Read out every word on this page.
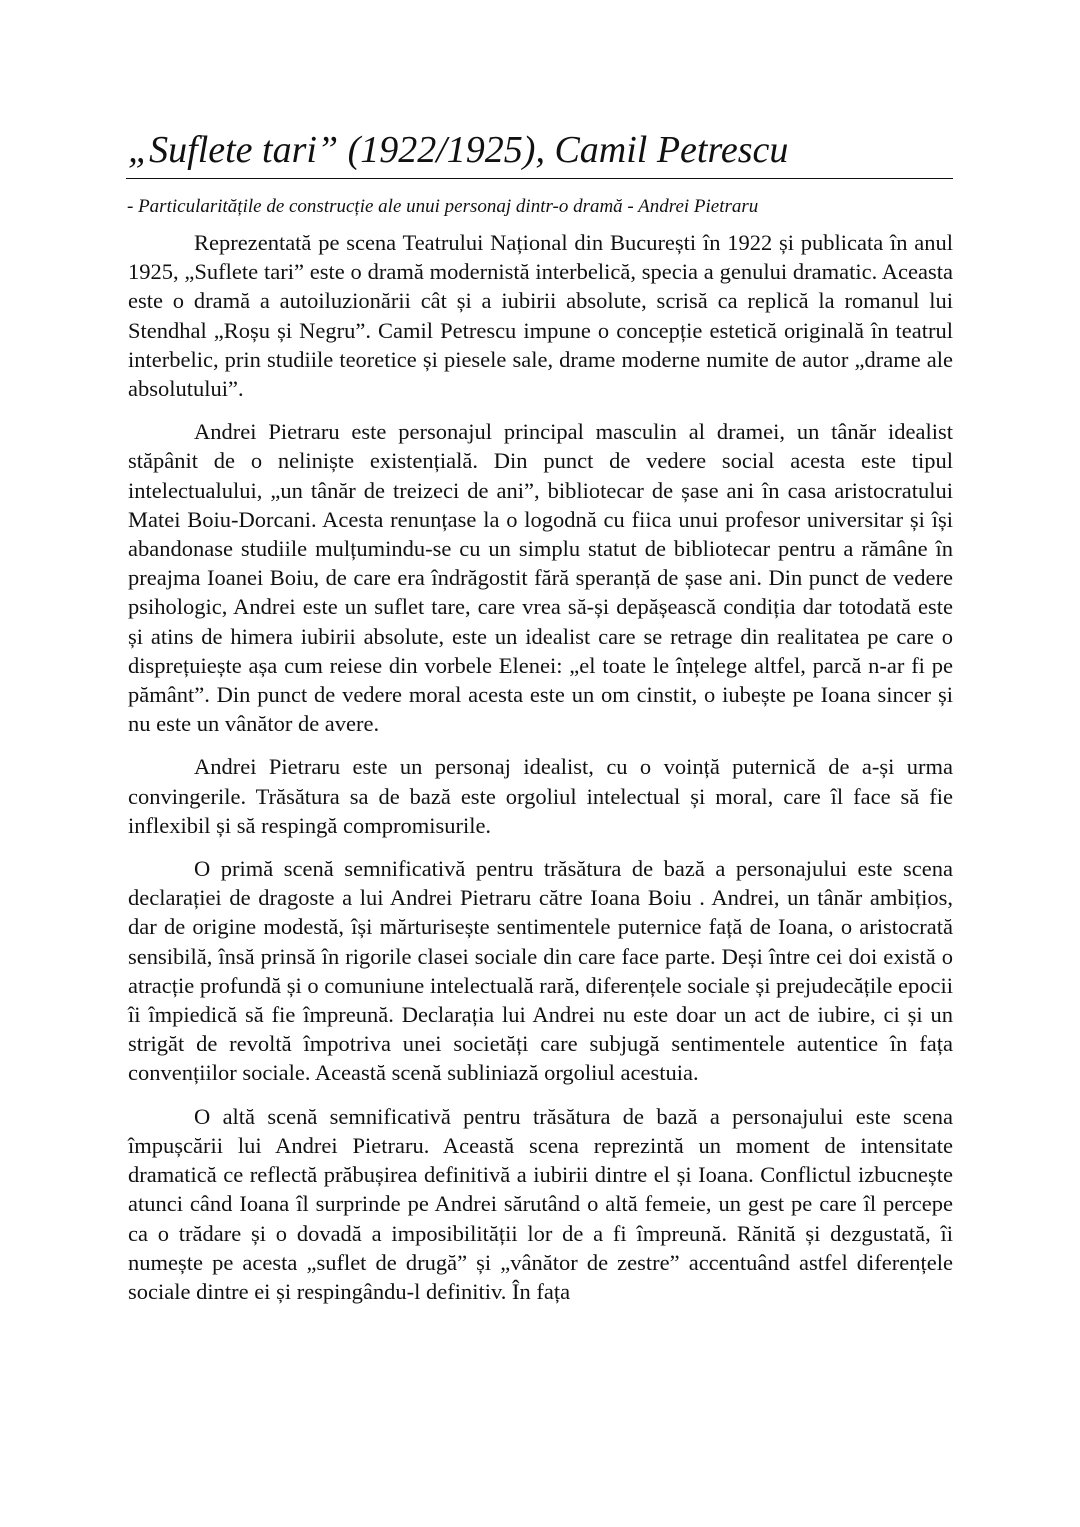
„Suflete tari” (1922/1925), Camil Petrescu
- Particularitățile de construcție ale unui personaj dintr-o dramă - Andrei Pietraru

Reprezentată pe scena Teatrului Național din București în 1922 și publicata în anul 1925, „Suflete tari” este o dramă modernistă interbelică, specia a genului dramatic. Aceasta este o dramă a autoiluzionării cât și a iubirii absolute, scrisă ca replică la romanul lui Stendhal „Roșu și Negru”. Camil Petrescu impune o concepție estetică originală în teatrul interbelic, prin studiile teoretice și piesele sale, drame moderne numite de autor „drame ale absolutului”.

Andrei Pietraru este personajul principal masculin al dramei, un tânăr idealist stăpânit de o neliniște existențială. Din punct de vedere social acesta este tipul intelectualului, „un tânăr de treizeci de ani”, bibliotecar de șase ani în casa aristocratului Matei Boiu-Dorcani. Acesta renunțase la o logodnă cu fiica unui profesor universitar și își abandonase studiile mulțumindu-se cu un simplu statut de bibliotecar pentru a rămâne în preajma Ioanei Boiu, de care era îndrăgostit fără speranță de șase ani. Din punct de vedere psihologic, Andrei este un suflet tare, care vrea să-și depășească condiția dar totodată este și atins de himera iubirii absolute, este un idealist care se retrage din realitatea pe care o disprețuiește așa cum reiese din vorbele Elenei: „el toate le înțelege altfel, parcă n-ar fi pe pământ”. Din punct de vedere moral acesta este un om cinstit, o iubește pe Ioana sincer și nu este un vânător de avere.

Andrei Pietraru este un personaj idealist, cu o voință puternică de a-și urma convingerile. Trăsătura sa de bază este orgoliul intelectual și moral, care îl face să fie inflexibil și să respingă compromisurile.

O primă scenă semnificativă pentru trăsătura de bază a personajului este scena declarației de dragoste a lui Andrei Pietraru către Ioana Boiu . Andrei, un tânăr ambițios, dar de origine modestă, își mărturisește sentimentele puternice față de Ioana, o aristocrată sensibilă, însă prinsă în rigorile clasei sociale din care face parte. Deși între cei doi există o atracție profundă și o comuniune intelectuală rară, diferențele sociale și prejudecățile epocii îi împiedică să fie împreună. Declarația lui Andrei nu este doar un act de iubire, ci și un strigăt de revoltă împotriva unei societăți care subjugă sentimentele autentice în fața convențiilor sociale. Această scenă subliniază orgoliul acestuia.

O altă scenă semnificativă pentru trăsătura de bază a personajului este scena împușcării lui Andrei Pietraru. Această scena reprezintă un moment de intensitate dramatică ce reflectă prăbușirea definitivă a iubirii dintre el și Ioana. Conflictul izbucnește atunci când Ioana îl surprinde pe Andrei sărutând o altă femeie, un gest pe care îl percepe ca o trădare și o dovadă a imposibilității lor de a fi împreună. Rănită și dezgustată, îi numește pe acesta „suflet de drugă” și „vânător de zestre” accentuând astfel diferențele sociale dintre ei și respingându-l definitiv. În fața
